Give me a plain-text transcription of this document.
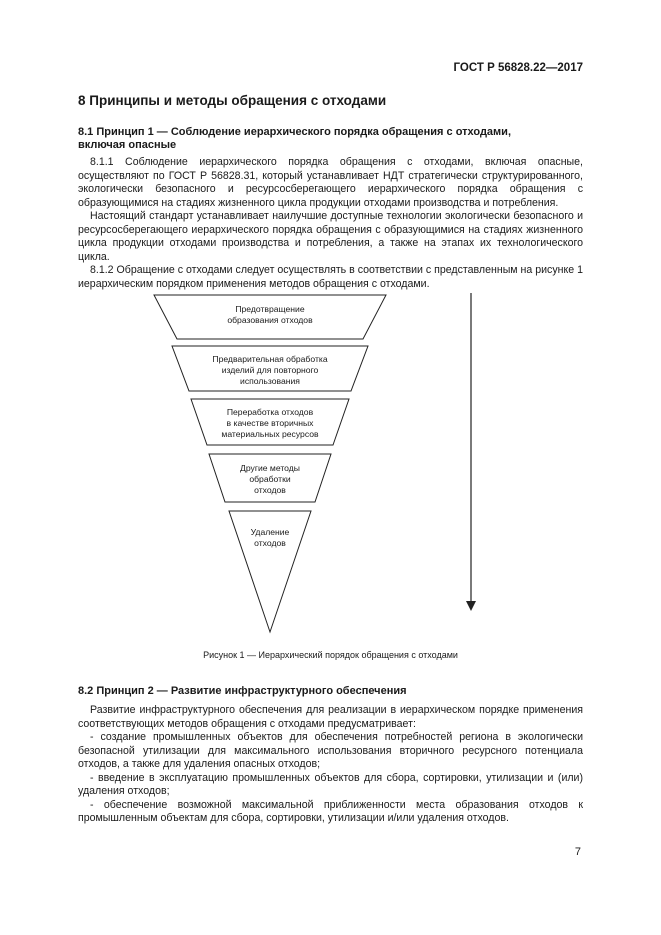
ГОСТ Р 56828.22—2017
8 Принципы и методы обращения с отходами
8.1 Принцип 1 — Соблюдение иерархического порядка обращения с отходами,
включая опасные

8.1.1 Соблюдение иерархического порядка обращения с отходами, включая опасные, осуществляют по ГОСТ Р 56828.31, который устанавливает НДТ стратегически структурированного, экологически безопасного и ресурсосберегающего иерархического порядка обращения с образующимися на стадиях жизненного цикла продукции отходами производства и потребления.

Настоящий стандарт устанавливает наилучшие доступные технологии экологически безопасного и ресурсосберегающего иерархического порядка обращения с образующимися на стадиях жизненного цикла продукции отходами производства и потребления, а также на этапах их технологического цикла.

8.1.2 Обращение с отходами следует осуществлять в соответствии с представленным на рисунке 1 иерархическим порядком применения методов обращения с отходами.

Предотвращение
образования отходов
Предварительная обработка
изделий для повторного
использования
Переработка отходов
в качестве вторичных
материальных ресурсов
Другие методы
обработки
отходов
Удаление
отходов
Рисунок 1 — Иерархический порядок обращения с отходами
8.2 Принцип 2 — Развитие инфраструктурного обеспечения

Развитие инфраструктурного обеспечения для реализации в иерархическом порядке применения соответствующих методов обращения с отходами предусматривает:

- создание промышленных объектов для обеспечения потребностей региона в экологически безопасной утилизации для максимального использования вторичного ресурсного потенциала отходов, а также для удаления опасных отходов;

- введение в эксплуатацию промышленных объектов для сбора, сортировки, утилизации и (или) удаления отходов;

- обеспечение возможной максимальной приближенности места образования отходов к промышленным объектам для сбора, сортировки, утилизации и/или удаления отходов.

7
